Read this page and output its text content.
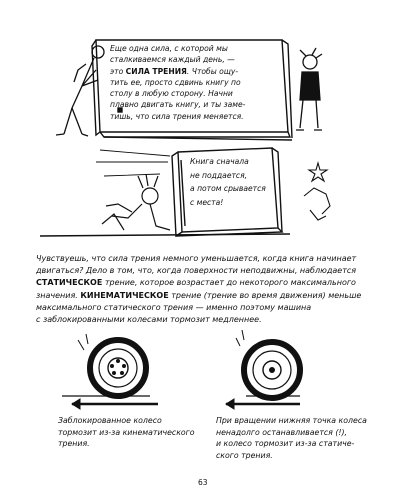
Еще одна сила, с которой мы
сталкиваемся каждый день, —
это СИЛА ТРЕНИЯ. Чтобы ощу-
тить ее, просто сдвинь книгу по
столу в любую сторону. Начни
плавно двигать книгу, и ты заме-
тишь, что сила трения меняется.
Книга сначала
не поддается,
а потом срывается
с места!
Чувствуешь, что сила трения немного уменьшается, когда книга начинает
двигаться? Дело в том, что, когда поверхности неподвижны, наблюдается
СТАТИЧЕСКОЕ трение, которое возрастает до некоторого максимального
значения. КИНЕМАТИЧЕСКОЕ трение (трение во время движения) меньше
максимального статического трения — именно поэтому машина
с заблокированными колесами тормозит медленнее.
Заблокированное колесо
тормозит из-за кинематического
трения.
При вращении нижняя точка колеса
ненадолго останавливается (!),
и колесо тормозит из-за статиче-
ского трения.
63
